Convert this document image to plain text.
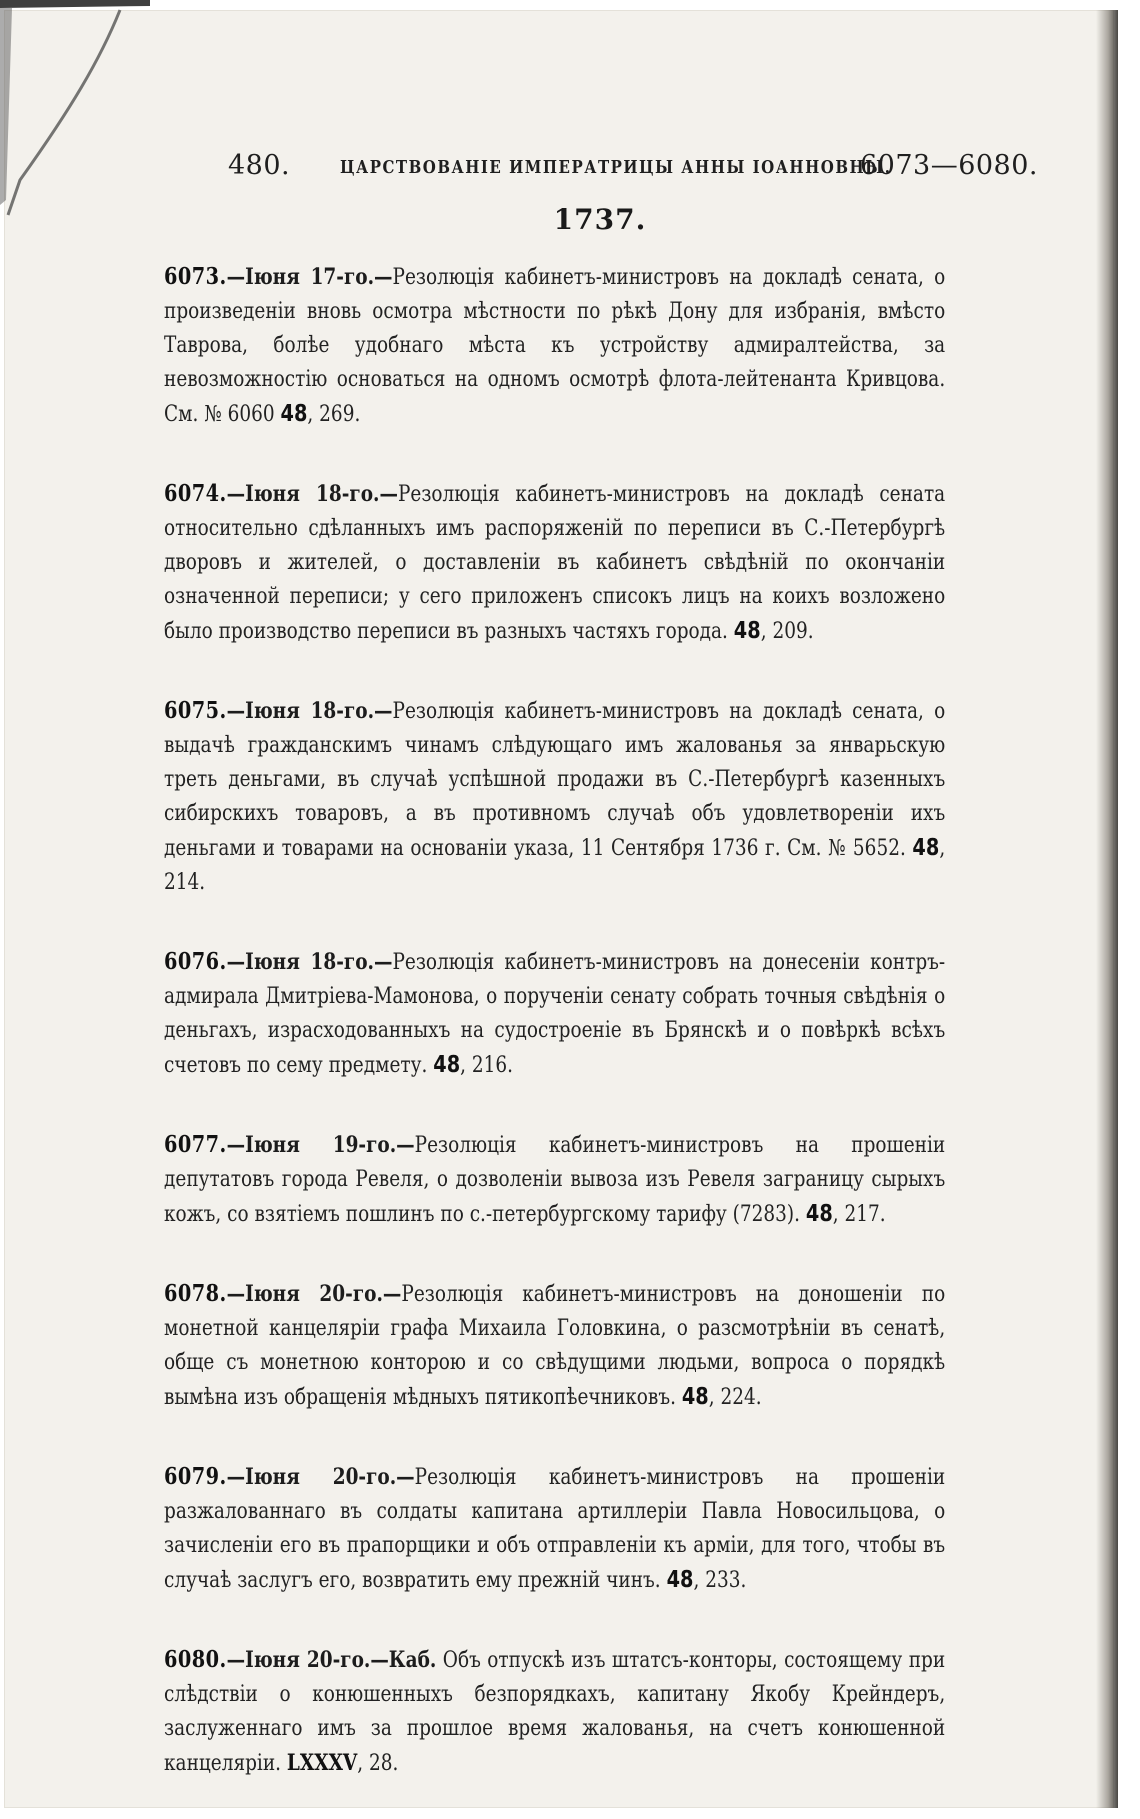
480.	ЦАРСТВОВАНІЕ ИМПЕРАТРИЦЫ АННЫ ІОАННОВНЫ.
6073—6080.
1737.

6073.—Іюня 17-го.—Резолюція кабинетъ-министровъ на докладѣ сената, о произведеніи вновь осмотра мѣстности по рѣкѣ Дону для избранія, вмѣсто Таврова, болѣе удобнаго мѣста къ устройству адмиралтейства, за невозможностію основаться на одномъ осмотрѣ флота-лейтенанта Кривцова. См. № 6060 48, 269.

6074.—Іюня 18-го.—Резолюція кабинетъ-министровъ на докладѣ сената относительно сдѣланныхъ имъ распоряженій по переписи въ С.-Петербургѣ дворовъ и жителей, о доставленіи въ кабинетъ свѣдѣній по окончаніи означенной переписи; у сего приложенъ списокъ лицъ на коихъ возложено было производство переписи въ разныхъ частяхъ города. 48, 209.

6075.—Іюня 18-го.—Резолюція кабинетъ-министровъ на докладѣ сената, о выдачѣ гражданскимъ чинамъ слѣдующаго имъ жалованья за январьскую треть деньгами, въ случаѣ успѣшной продажи въ С.-Петербургѣ казенныхъ сибирскихъ товаровъ, а въ противномъ случаѣ объ удовлетвореніи ихъ деньгами и товарами на основаніи указа, 11 Сентября 1736 г. См. № 5652. 48, 214.

6076.—Іюня 18-го.—Резолюція кабинетъ-министровъ на донесеніи контръ-адмирала Дмитріева-Мамонова, о порученіи сенату собрать точныя свѣдѣнія о деньгахъ, израсходованныхъ на судостроеніе въ Брянскѣ и о повѣркѣ всѣхъ счетовъ по сему предмету. 48, 216.

6077.—Іюня 19-го.—Резолюція кабинетъ-министровъ на прошеніи депутатовъ города Ревеля, о дозволеніи вывоза изъ Ревеля заграницу сырыхъ кожъ, со взятіемъ пошлинъ по с.-петербургскому тарифу (7283). 48, 217.

6078.—Іюня 20-го.—Резолюція кабинетъ-министровъ на доношеніи по монетной канцеляріи графа Михаила Головкина, о разсмотрѣніи въ сенатѣ, обще съ монетною конторою и со свѣдущими людьми, вопроса о порядкѣ вымѣна изъ обращенія мѣдныхъ пятикопѣечниковъ. 48, 224.

6079.—Іюня 20-го.—Резолюція кабинетъ-министровъ на прошеніи разжалованнаго въ солдаты капитана артиллеріи Павла Новосильцова, о зачисленіи его въ прапорщики и объ отправленіи къ арміи, для того, чтобы въ случаѣ заслугъ его, возвратить ему прежній чинъ. 48, 233.

6080.—Іюня 20-го.—Каб. Объ отпускѣ изъ штатсъ-конторы, состоящему при слѣдствіи о конюшенныхъ безпорядкахъ, капитану Якобу Крейндеръ, заслуженнаго имъ за прошлое время жалованья, на счетъ конюшенной канцеляріи. LXXXV, 28.
